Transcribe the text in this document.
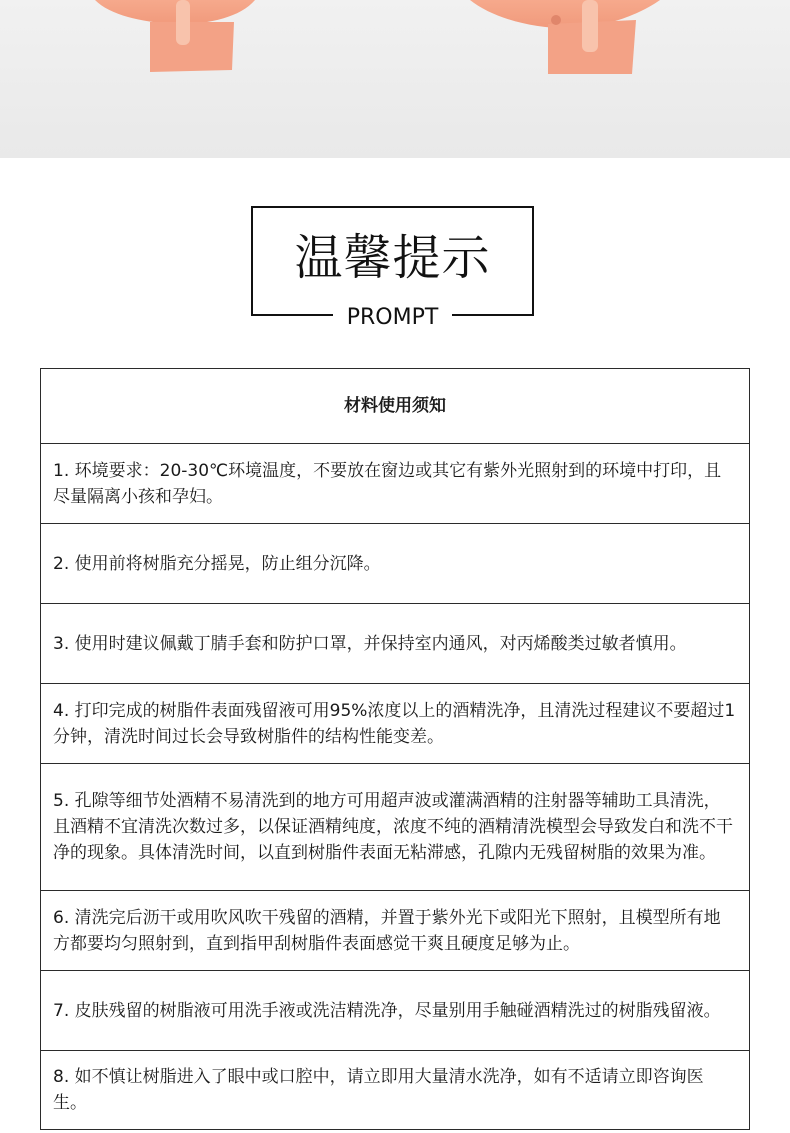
温馨提示
PROMPT
材料使用须知
1. 环境要求：20-30℃环境温度，不要放在窗边或其它有紫外光照射到的环境中打印，且尽量隔离小孩和孕妇。
2. 使用前将树脂充分摇晃，防止组分沉降。
3. 使用时建议佩戴丁腈手套和防护口罩，并保持室内通风，对丙烯酸类过敏者慎用。
4. 打印完成的树脂件表面残留液可用95%浓度以上的酒精洗净，且清洗过程建议不要超过1分钟，清洗时间过长会导致树脂件的结构性能变差。
5. 孔隙等细节处酒精不易清洗到的地方可用超声波或灌满酒精的注射器等辅助工具清洗，且酒精不宜清洗次数过多，以保证酒精纯度，浓度不纯的酒精清洗模型会导致发白和洗不干净的现象。具体清洗时间，以直到树脂件表面无粘滞感，孔隙内无残留树脂的效果为准。
6. 清洗完后沥干或用吹风吹干残留的酒精，并置于紫外光下或阳光下照射，且模型所有地方都要均匀照射到，直到指甲刮树脂件表面感觉干爽且硬度足够为止。
7. 皮肤残留的树脂液可用洗手液或洗洁精洗净，尽量别用手触碰酒精洗过的树脂残留液。
8. 如不慎让树脂进入了眼中或口腔中，请立即用大量清水洗净，如有不适请立即咨询医生。
